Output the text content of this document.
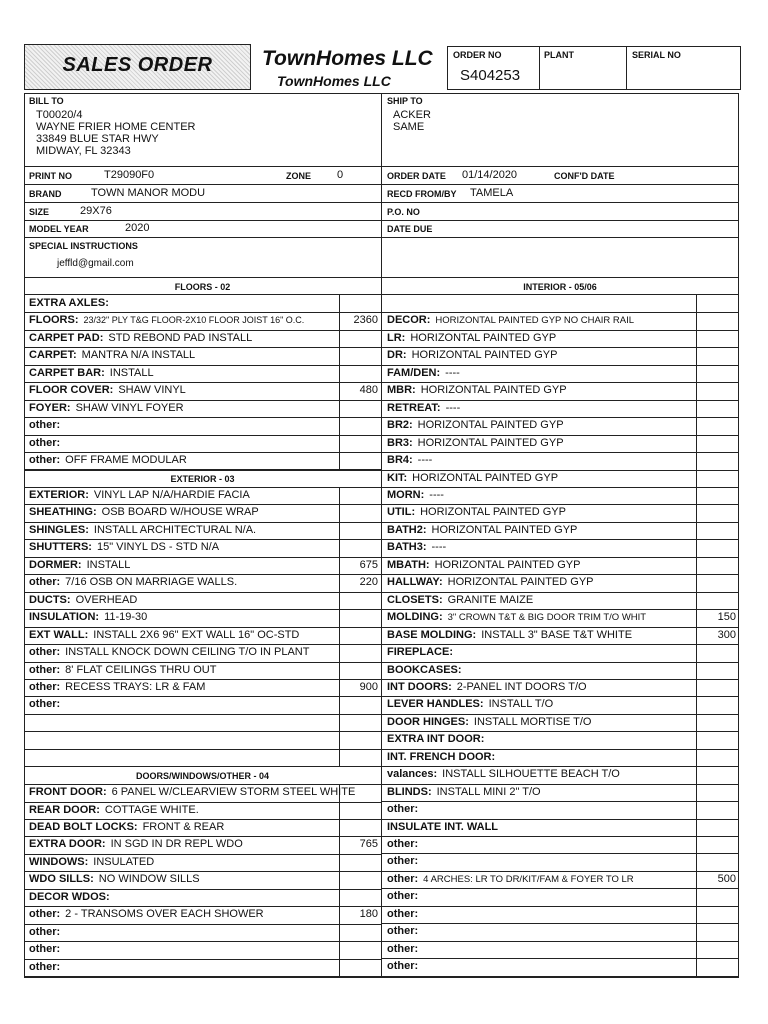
SALES ORDER	TownHomes LLC
TownHomes LLC
ORDER NO
S404253
PLANT	SERIAL NO
BILL TO
T00020/4
WAYNE FRIER HOME CENTER
33849 BLUE STAR HWY
MIDWAY, FL 32343
SHIP TO
ACKER
SAME
PRINT NO	T29090F0	ZONE 0	ORDER DATE 01/14/2020	CONF'D DATE
BRAND	TOWN MANOR MODU	RECD FROM/BY TAMELA
SIZE	29X76	P.O. NO
MODEL YEAR	2020	DATE DUE
SPECIAL INSTRUCTIONS
jeffld@gmail.com
FLOORS - 02	INTERIOR - 05/06
EXTERIOR - 03
DOORS/WINDOWS/OTHER - 04
EXTRA AXLES:
FLOORS: 23/32" PLY T&G FLOOR-2X10 FLOOR JOIST 16" O.C.	2360
CARPET PAD: STD REBOND PAD INSTALL
CARPET: MANTRA N/A INSTALL
CARPET BAR: INSTALL
FLOOR COVER: SHAW VINYL	480
FOYER: SHAW VINYL FOYER
other:
other:
other: OFF FRAME MODULAR
EXTERIOR: VINYL LAP N/A/HARDIE FACIA
SHEATHING: OSB BOARD W/HOUSE WRAP
SHINGLES: INSTALL ARCHITECTURAL N/A.
SHUTTERS: 15" VINYL DS - STD N/A
DORMER: INSTALL	675
other: 7/16 OSB ON MARRIAGE WALLS.	220
DUCTS: OVERHEAD
INSULATION: 11-19-30
EXT WALL: INSTALL 2X6 96" EXT WALL 16" OC-STD
other: INSTALL KNOCK DOWN CEILING T/O IN PLANT
other: 8' FLAT CEILINGS THRU OUT
other: RECESS TRAYS: LR & FAM	900
other:
FRONT DOOR: 6 PANEL W/CLEARVIEW STORM STEEL WHITE
REAR DOOR: COTTAGE WHITE.
DEAD BOLT LOCKS: FRONT & REAR
EXTRA DOOR: IN SGD IN DR REPL WDO	765
WINDOWS: INSULATED
WDO SILLS: NO WINDOW SILLS
DECOR WDOS:
other: 2 - TRANSOMS OVER EACH SHOWER	180
other:
other:
other:
DECOR: HORIZONTAL PAINTED GYP NO CHAIR RAIL
LR: HORIZONTAL PAINTED GYP
DR: HORIZONTAL PAINTED GYP
FAM/DEN: ----
MBR: HORIZONTAL PAINTED GYP
RETREAT: ----
BR2: HORIZONTAL PAINTED GYP
BR3: HORIZONTAL PAINTED GYP
BR4: ----
KIT: HORIZONTAL PAINTED GYP
MORN: ----
UTIL: HORIZONTAL PAINTED GYP
BATH2: HORIZONTAL PAINTED GYP
BATH3: ----
MBATH: HORIZONTAL PAINTED GYP
HALLWAY: HORIZONTAL PAINTED GYP
CLOSETS: GRANITE MAIZE
MOLDING: 3" CROWN T&T & BIG DOOR TRIM T/O WHIT	150
BASE MOLDING: INSTALL 3" BASE T&T WHITE	300
FIREPLACE:
BOOKCASES:
INT DOORS: 2-PANEL INT DOORS T/O
LEVER HANDLES: INSTALL T/O
DOOR HINGES: INSTALL MORTISE T/O
EXTRA INT DOOR:
INT. FRENCH DOOR:
valances: INSTALL SILHOUETTE BEACH T/O
BLINDS: INSTALL MINI 2" T/O
other:
INSULATE INT. WALL
other:
other:
other: 4 ARCHES: LR TO DR/KIT/FAM & FOYER TO LR	500
other:
other:
other:
other:
other:
